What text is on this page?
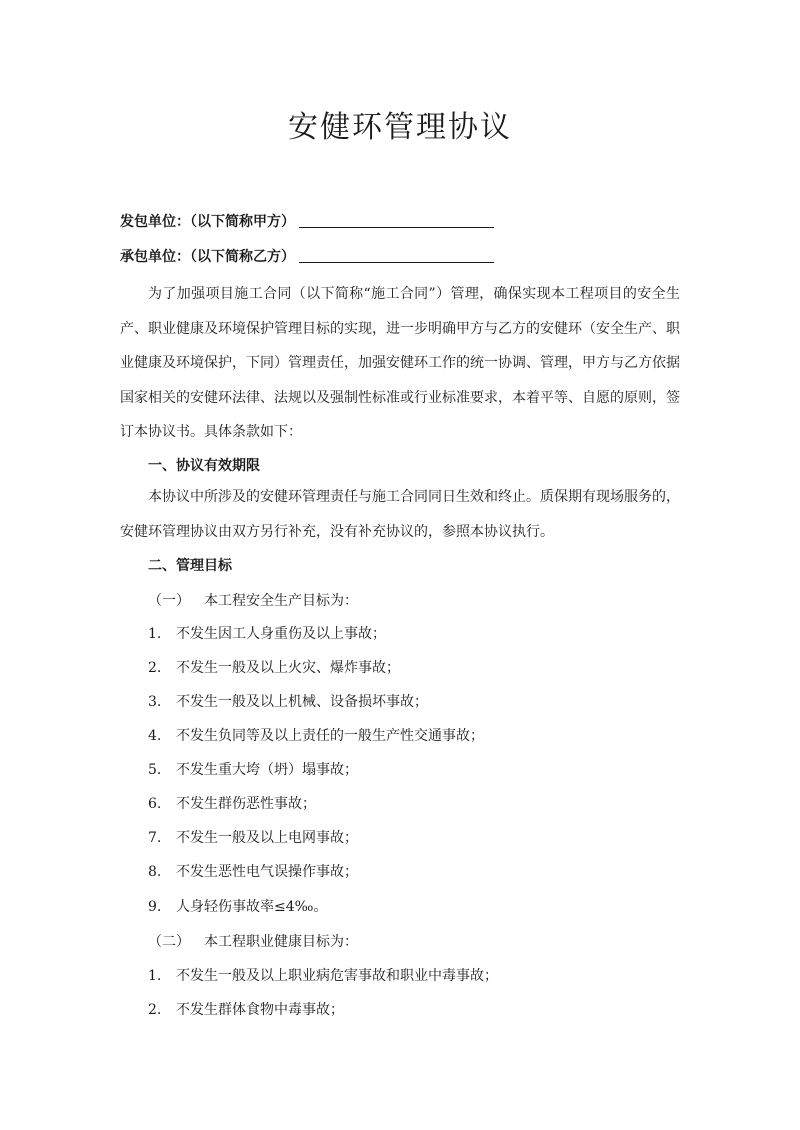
安健环管理协议
发包单位：（以下简称甲方）
承包单位：（以下简称乙方）
为了加强项目施工合同（以下简称“施工合同”）管理，确保实现本工程项目的安全生产、职业健康及环境保护管理目标的实现，进一步明确甲方与乙方的安健环（安全生产、职业健康及环境保护，下同）管理责任，加强安健环工作的统一协调、管理，甲方与乙方依据国家相关的安健环法律、法规以及强制性标准或行业标准要求，本着平等、自愿的原则，签订本协议书。具体条款如下：
一、协议有效期限
本协议中所涉及的安健环管理责任与施工合同同日生效和终止。质保期有现场服务的，安健环管理协议由双方另行补充，没有补充协议的，参照本协议执行。
二、管理目标
（一）	本工程安全生产目标为：
1.	不发生因工人身重伤及以上事故；
2.	不发生一般及以上火灾、爆炸事故；
3.	不发生一般及以上机械、设备损坏事故；
4.	不发生负同等及以上责任的一般生产性交通事故；
5.	不发生重大垮（坍）塌事故；
6.	不发生群伤恶性事故；
7.	不发生一般及以上电网事故；
8.	不发生恶性电气误操作事故；
9.	人身轻伤事故率≤4‰。
（二）	本工程职业健康目标为：
1.	不发生一般及以上职业病危害事故和职业中毒事故；
2.	不发生群体食物中毒事故；
